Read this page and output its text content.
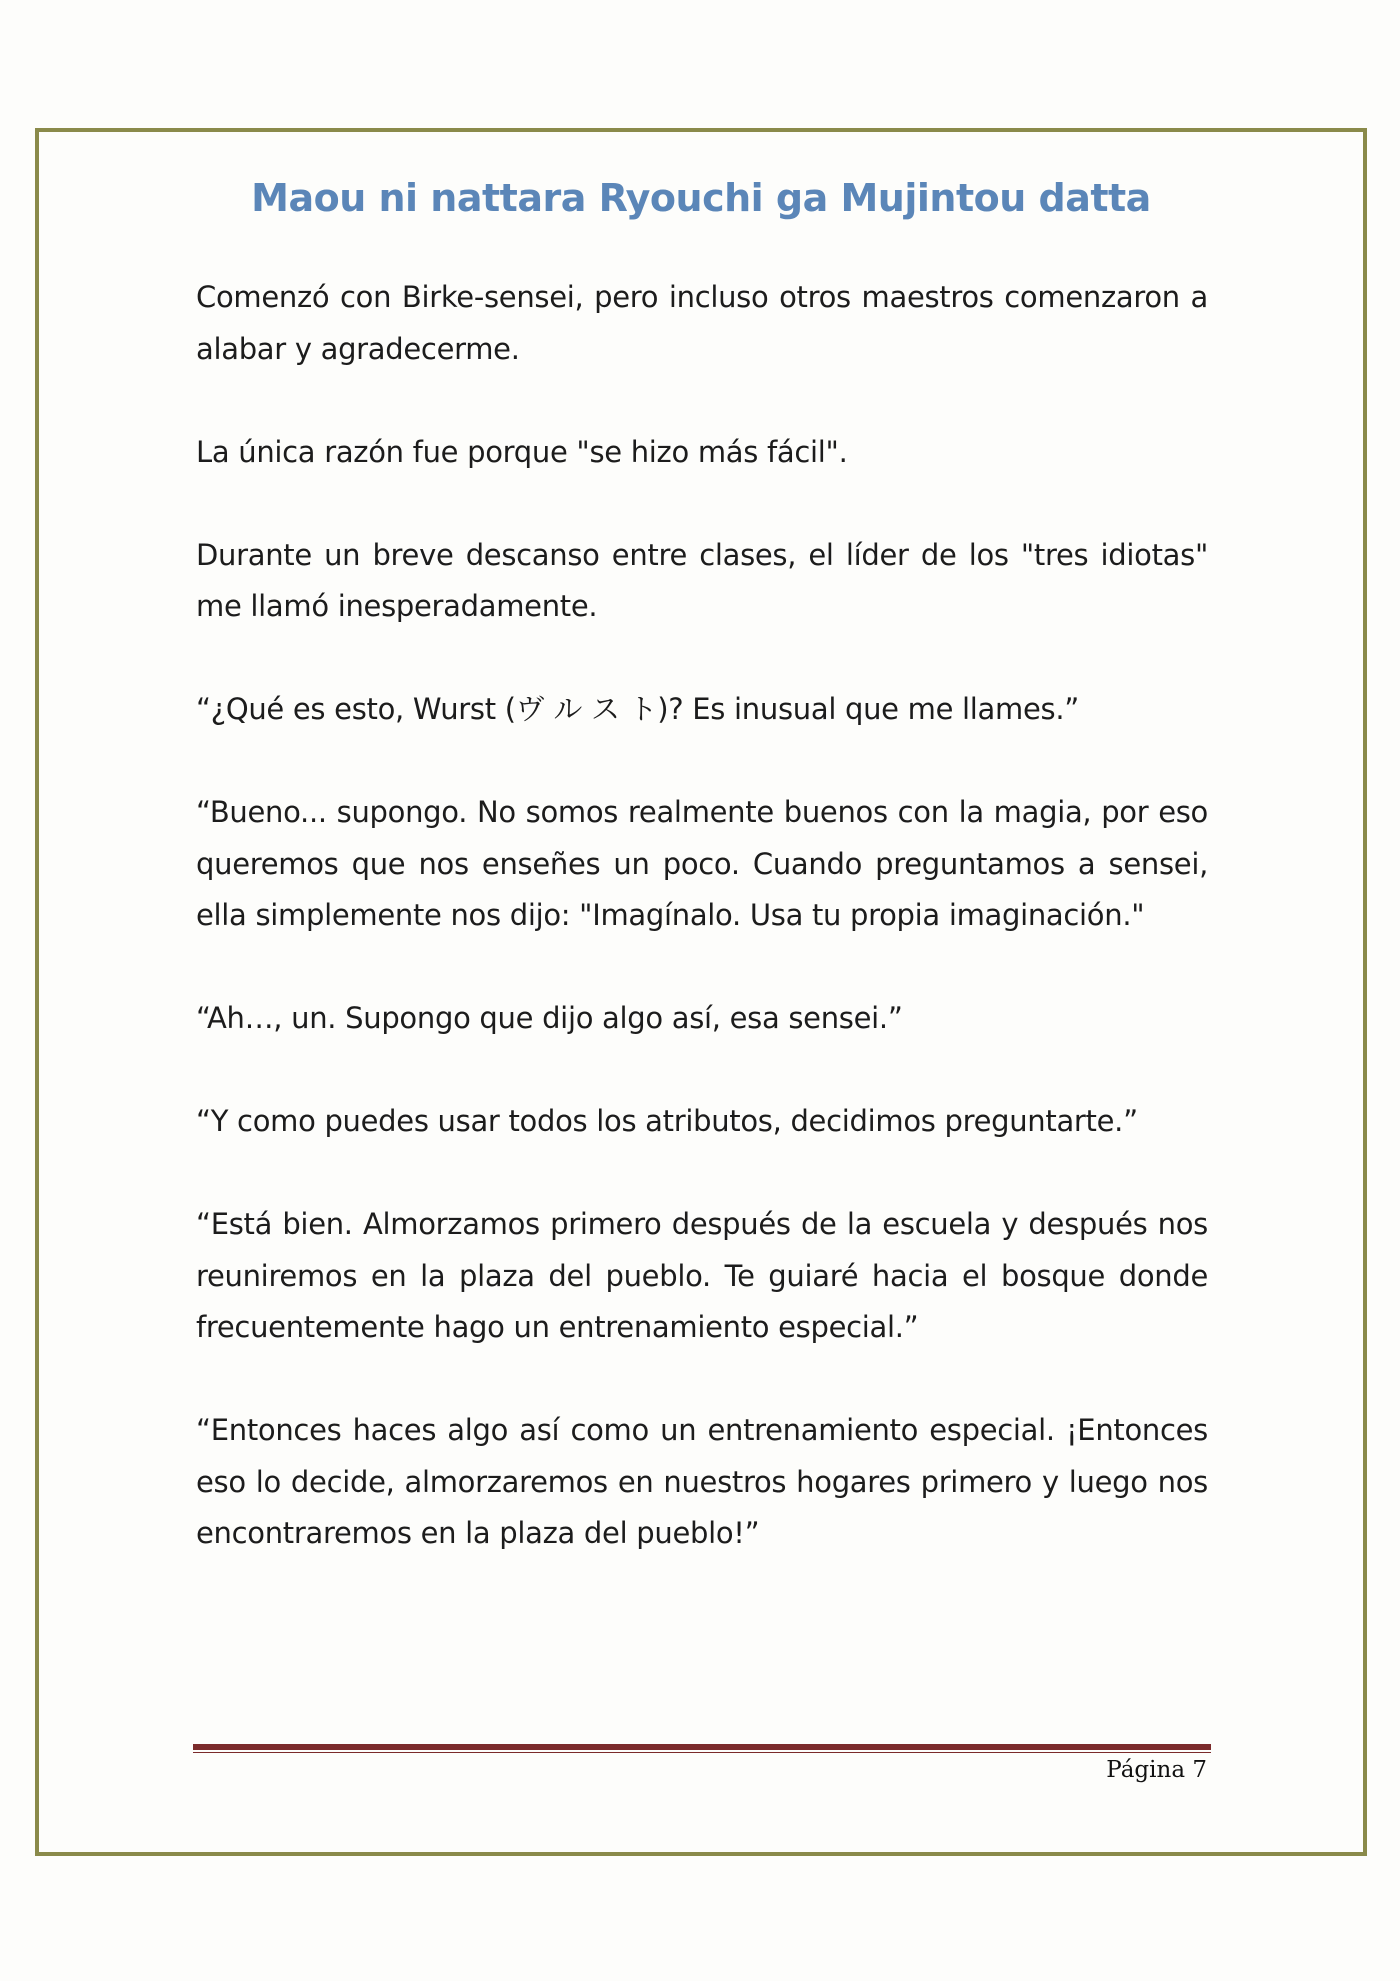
Maou ni nattara Ryouchi ga Mujintou datta

Comenzó con Birke-sensei, pero incluso otros maestros comenzaron a alabar y agradecerme.

La única razón fue porque "se hizo más fácil".

Durante un breve descanso entre clases, el líder de los "tres idiotas" me llamó inesperadamente.

“¿Qué es esto, Wurst (ヴ ル ス ト)? Es inusual que me llames.”

“Bueno... supongo. No somos realmente buenos con la magia, por eso queremos que nos enseñes un poco. Cuando preguntamos a sensei, ella simplemente nos dijo: "Imagínalo. Usa tu propia imaginación."

“Ah…, un. Supongo que dijo algo así, esa sensei.”

“Y como puedes usar todos los atributos, decidimos preguntarte.”

“Está bien. Almorzamos primero después de la escuela y después nos reuniremos en la plaza del pueblo. Te guiaré hacia el bosque donde frecuentemente hago un entrenamiento especial.”

“Entonces haces algo así como un entrenamiento especial. ¡Entonces eso lo decide, almorzaremos en nuestros hogares primero y luego nos encontraremos en la plaza del pueblo!”

Página 7
